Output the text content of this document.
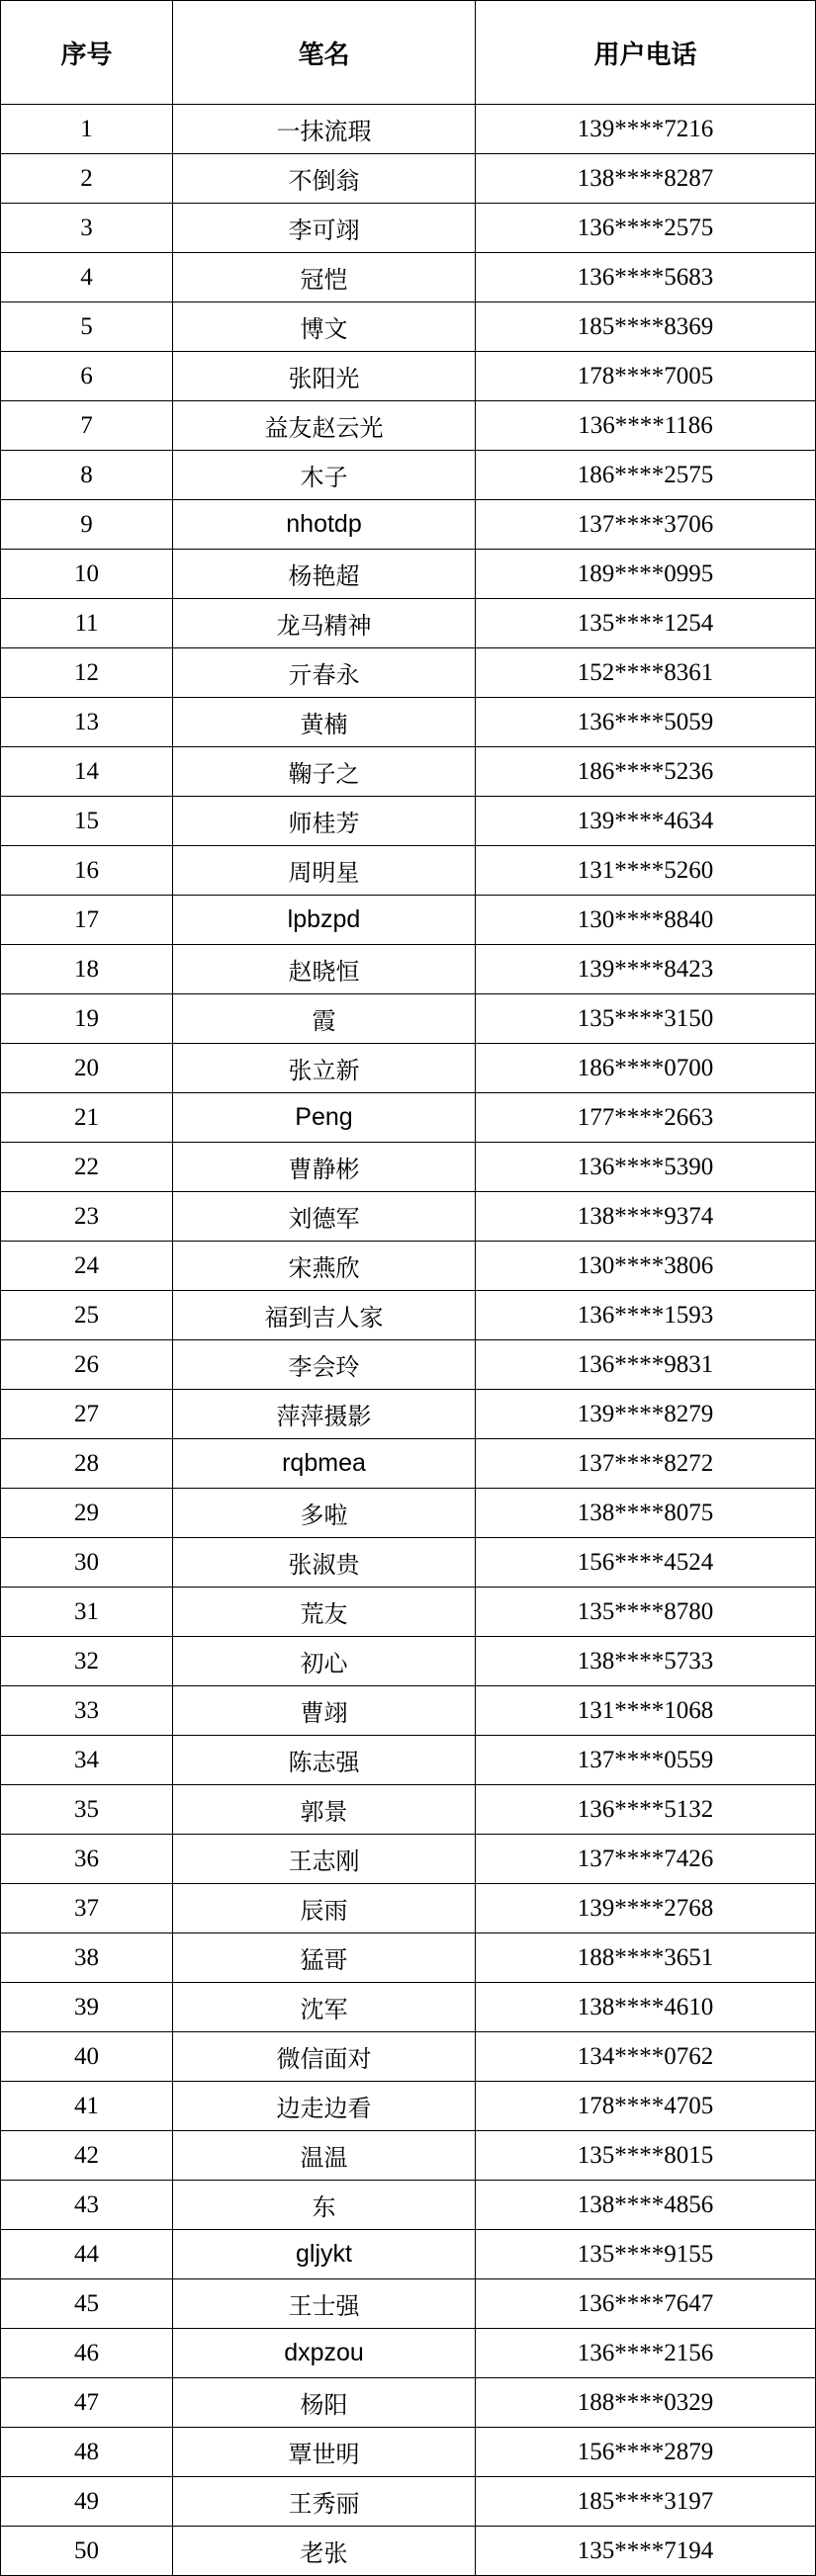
序号	笔名	用户电话
1	一抹流瑕	139****7216
2	不倒翁	138****8287
3	李可翊	136****2575
4	冠恺	136****5683
5	博文	185****8369
6	张阳光	178****7005
7	益友赵云光	136****1186
8	木子	186****2575
9	nhotdp	137****3706
10	杨艳超	189****0995
11	龙马精神	135****1254
12	亓春永	152****8361
13	黄楠	136****5059
14	鞠子之	186****5236
15	师桂芳	139****4634
16	周明星	131****5260
17	lpbzpd	130****8840
18	赵晓恒	139****8423
19	霞	135****3150
20	张立新	186****0700
21	Peng	177****2663
22	曹静彬	136****5390
23	刘德军	138****9374
24	宋燕欣	130****3806
25	福到吉人家	136****1593
26	李会玲	136****9831
27	萍萍摄影	139****8279
28	rqbmea	137****8272
29	多啦	138****8075
30	张淑贵	156****4524
31	荒友	135****8780
32	初心	138****5733
33	曹翊	131****1068
34	陈志强	137****0559
35	郭景	136****5132
36	王志刚	137****7426
37	辰雨	139****2768
38	猛哥	188****3651
39	沈军	138****4610
40	微信面对	134****0762
41	边走边看	178****4705
42	温温	135****8015
43	东	138****4856
44	gljykt	135****9155
45	王士强	136****7647
46	dxpzou	136****2156
47	杨阳	188****0329
48	覃世明	156****2879
49	王秀丽	185****3197
50	老张	135****7194
